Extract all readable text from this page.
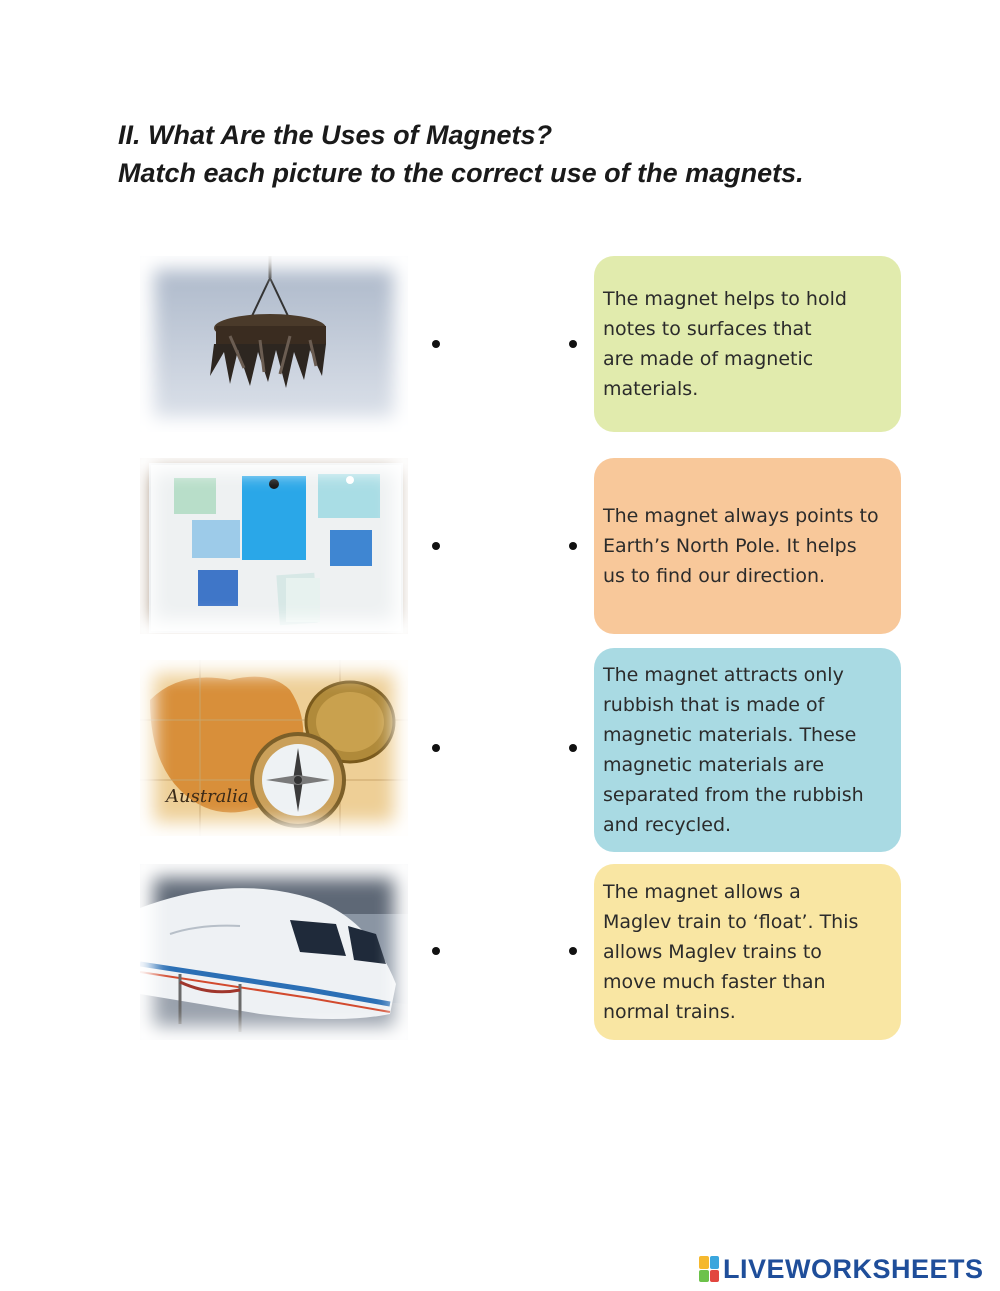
II. What Are the Uses of Magnets?
Match each picture to the correct use of the magnets.
The magnet helps to hold
notes to surfaces that
are made of magnetic
materials.
The magnet always points to
Earth’s North Pole. It helps
us to find our direction.
Australia
The magnet attracts only
rubbish that is made of
magnetic materials. These
magnetic materials are
separated from the rubbish
and recycled.
The magnet allows a
Maglev train to ‘float’. This
allows Maglev trains to
move much faster than
normal trains.
LIVEWORKSHEETS
